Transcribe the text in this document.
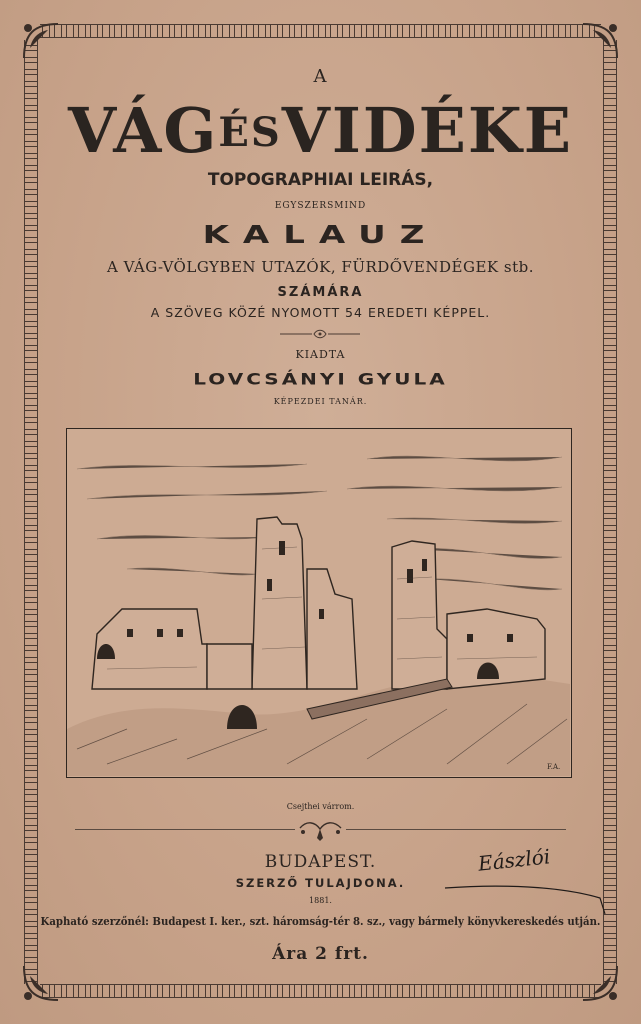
A
VÁGÉSVIDÉKE
TOPOGRAPHIAI LEIRÁS,
EGYSZERSMIND
KALAUZ
A VÁG-VÖLGYBEN UTAZÓK, FÜRDŐVENDÉGEK stb.
SZÁMÁRA
A SZÖVEG KÖZÉ NYOMOTT 54 EREDETI KÉPPEL.
KIADTA
LOVCSÁNYI GYULA
KÉPEZDEI TANÁR.
F.A.
Csejthei várrom.
BUDAPEST.
SZERZŐ TULAJDONA.
1881.
Eászlói
Kapható szerzőnél: Budapest I. ker., szt. háromság-tér 8. sz., vagy bármely könyvkereskedés utján.
Ára 2 frt.
